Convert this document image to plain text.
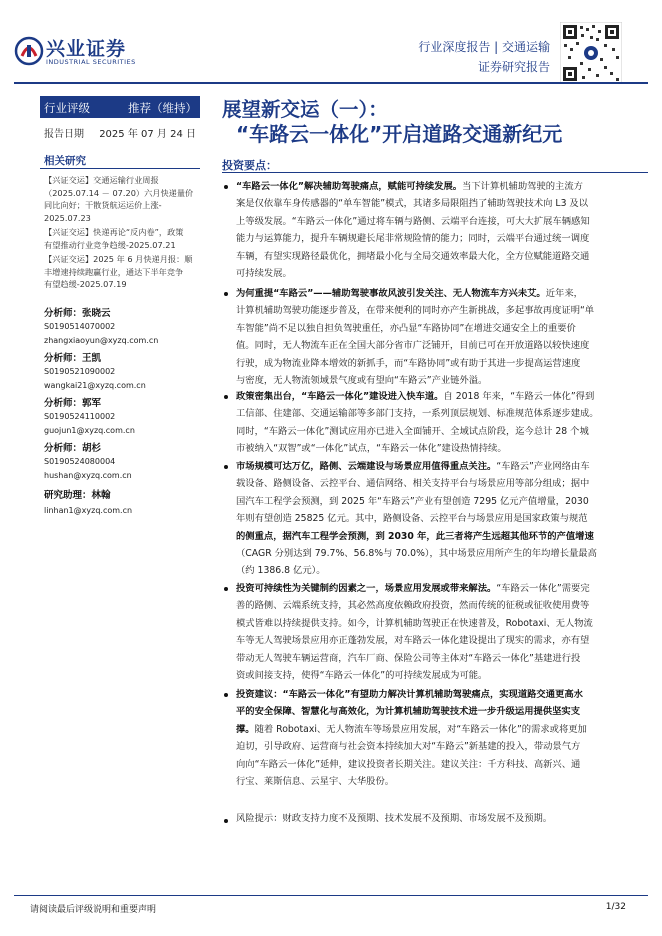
兴业证券
INDUSTRIAL SECURITIES
行业深度报告 | 交通运输
证券研究报告
行业评级	推荐（维持）
报告日期 2025 年 07 月 24 日
相关研究
【兴证交运】交通运输行业周报
（2025.07.14 － 07.20）六月快递量价
同比向好；干散货航运运价上涨-
2025.07.23
【兴证交运】快递再论“反内卷”，政策
有望推动行业竞争趋缓-2025.07.21
【兴证交运】2025 年 6 月快递月报：顺
丰增速持续跑赢行业，通达下半年竞争
有望趋缓-2025.07.19
分析师：张晓云
S0190514070002
zhangxiaoyun@xyzq.com.cn
分析师：王凯
S0190521090002
wangkai21@xyzq.com.cn
分析师：郭军
S0190524110002
guojun1@xyzq.com.cn
分析师：胡杉
S0190524080004
hushan@xyzq.com.cn
研究助理：林翰
linhan1@xyzq.com.cn
展望新交运（一）：
“车路云一体化”开启道路交通新纪元
投资要点：
“车路云一体化”解决辅助驾驶痛点，赋能可持续发展。当下计算机辅助驾驶的主流方
案是仅依靠车身传感器的“单车智能”模式，其诸多局限阻挡了辅助驾驶技术向 L3 及以
上等级发展。“车路云一体化”通过将车辆与路侧、云端平台连接，可大大扩展车辆感知
能力与运算能力，提升车辆规避长尾非常规险情的能力；同时，云端平台通过统一调度
车辆，有望实现路径最优化，拥堵最小化与全局交通效率最大化，全方位赋能道路交通
可持续发展。
为何重提“车路云”——辅助驾驶事故风波引发关注、无人物流车方兴未艾。近年来，
计算机辅助驾驶功能逐步普及，在带来便利的同时亦产生新挑战，多起事故再度证明“单
车智能”尚不足以独自担负驾驶重任，亦凸显“车路协同”在增进交通安全上的重要价
值。同时，无人物流车正在全国大部分省市广泛铺开，目前已可在开放道路以较快速度
行驶，成为物流业降本增效的新抓手，而“车路协同”或有助于其进一步提高运营速度
与密度，无人物流领域景气度或有望向“车路云”产业链外溢。
政策密集出台，“车路云一体化”建设进入快车道。自 2018 年来，“车路云一体化”得到
工信部、住建部、交通运输部等多部门支持，一系列顶层规划、标准规范体系逐步建成。
同时，“车路云一体化”测试应用亦已进入全面铺开、全域试点阶段，迄今总计 28 个城
市被纳入“双智”或“一体化”试点，“车路云一体化”建设热情持续。
市场规模可达万亿，路侧、云端建设与场景应用值得重点关注。“车路云”产业网络由车
载设备、路侧设备、云控平台、通信网络、相关支持平台与场景应用等部分组成；据中
国汽车工程学会预测，到 2025 年“车路云”产业有望创造 7295 亿元产值增量，2030
年则有望创造 25825 亿元。其中，路侧设备、云控平台与场景应用是国家政策与规范
的侧重点，据汽车工程学会预测，到 2030 年，此三者将产生远超其他环节的产值增速
（CAGR 分别达到 79.7%、56.8%与 70.0%），其中场景应用所产生的年均增长量最高
（约 1386.8 亿元）。
投资可持续性为关键制约因素之一，场景应用发展或带来解法。“车路云一体化”需要完
善的路侧、云端系统支持，其必然高度依赖政府投资，然而传统的征税或征收使用费等
模式皆难以持续提供支持。如今，计算机辅助驾驶正在快速普及，Robotaxi、无人物流
车等无人驾驶场景应用亦正蓬勃发展，对车路云一体化建设提出了现实的需求，亦有望
带动无人驾驶车辆运营商，汽车厂商、保险公司等主体对“车路云一体化”基建进行投
资或间接支持，使得“车路云一体化”的可持续发展成为可能。
投资建议：“车路云一体化”有望助力解决计算机辅助驾驶痛点，实现道路交通更高水
平的安全保障、智慧化与高效化，为计算机辅助驾驶技术进一步升级运用提供坚实支
撑。随着 Robotaxi、无人物流车等场景应用发展，对“车路云一体化”的需求或将更加
迫切，引导政府、运营商与社会资本持续加大对“车路云”新基建的投入，带动景气方
向向“车路云一体化”延伸，建议投资者长期关注。建议关注：千方科技、高新兴、通
行宝、莱斯信息、云星宇、大华股份。
风险提示：财政支持力度不及预期、技术发展不及预期、市场发展不及预期。
请阅读最后评级说明和重要声明	1/32
